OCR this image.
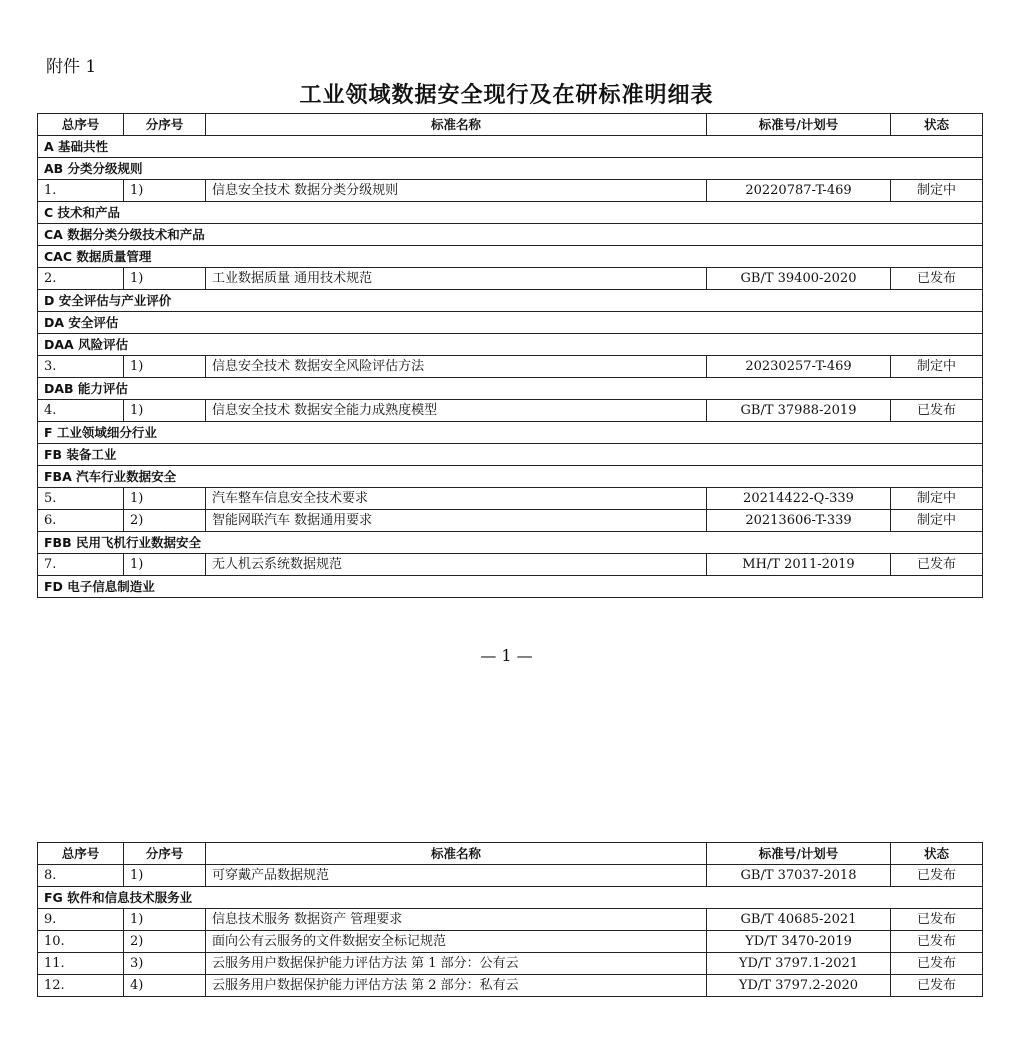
附件 1
工业领域数据安全现行及在研标准明细表
总序号	分序号	标准名称	标准号/计划号	状态
A 基础共性				
AB 分类分级规则				
1.	1)	信息安全技术 数据分类分级规则	20220787-T-469	制定中
C 技术和产品				
CA 数据分类分级技术和产品				
CAC 数据质量管理				
2.	1)	工业数据质量 通用技术规范	GB/T 39400-2020	已发布
D 安全评估与产业评价				
DA 安全评估				
DAA 风险评估				
3.	1)	信息安全技术 数据安全风险评估方法	20230257-T-469	制定中
DAB 能力评估				
4.	1)	信息安全技术 数据安全能力成熟度模型	GB/T 37988-2019	已发布
F 工业领域细分行业				
FB 装备工业				
FBA 汽车行业数据安全				
5.	1)	汽车整车信息安全技术要求	20214422-Q-339	制定中
6.	2)	智能网联汽车 数据通用要求	20213606-T-339	制定中
FBB 民用飞机行业数据安全				
7.	1)	无人机云系统数据规范	MH/T 2011-2019	已发布
FD 电子信息制造业				
— 1 —
总序号	分序号	标准名称	标准号/计划号	状态
8.	1)	可穿戴产品数据规范	GB/T 37037-2018	已发布
FG 软件和信息技术服务业				
9.	1)	信息技术服务 数据资产 管理要求	GB/T 40685-2021	已发布
10.	2)	面向公有云服务的文件数据安全标记规范	YD/T 3470-2019	已发布
11.	3)	云服务用户数据保护能力评估方法 第 1 部分：公有云	YD/T 3797.1-2021	已发布
12.	4)	云服务用户数据保护能力评估方法 第 2 部分：私有云	YD/T 3797.2-2020	已发布
